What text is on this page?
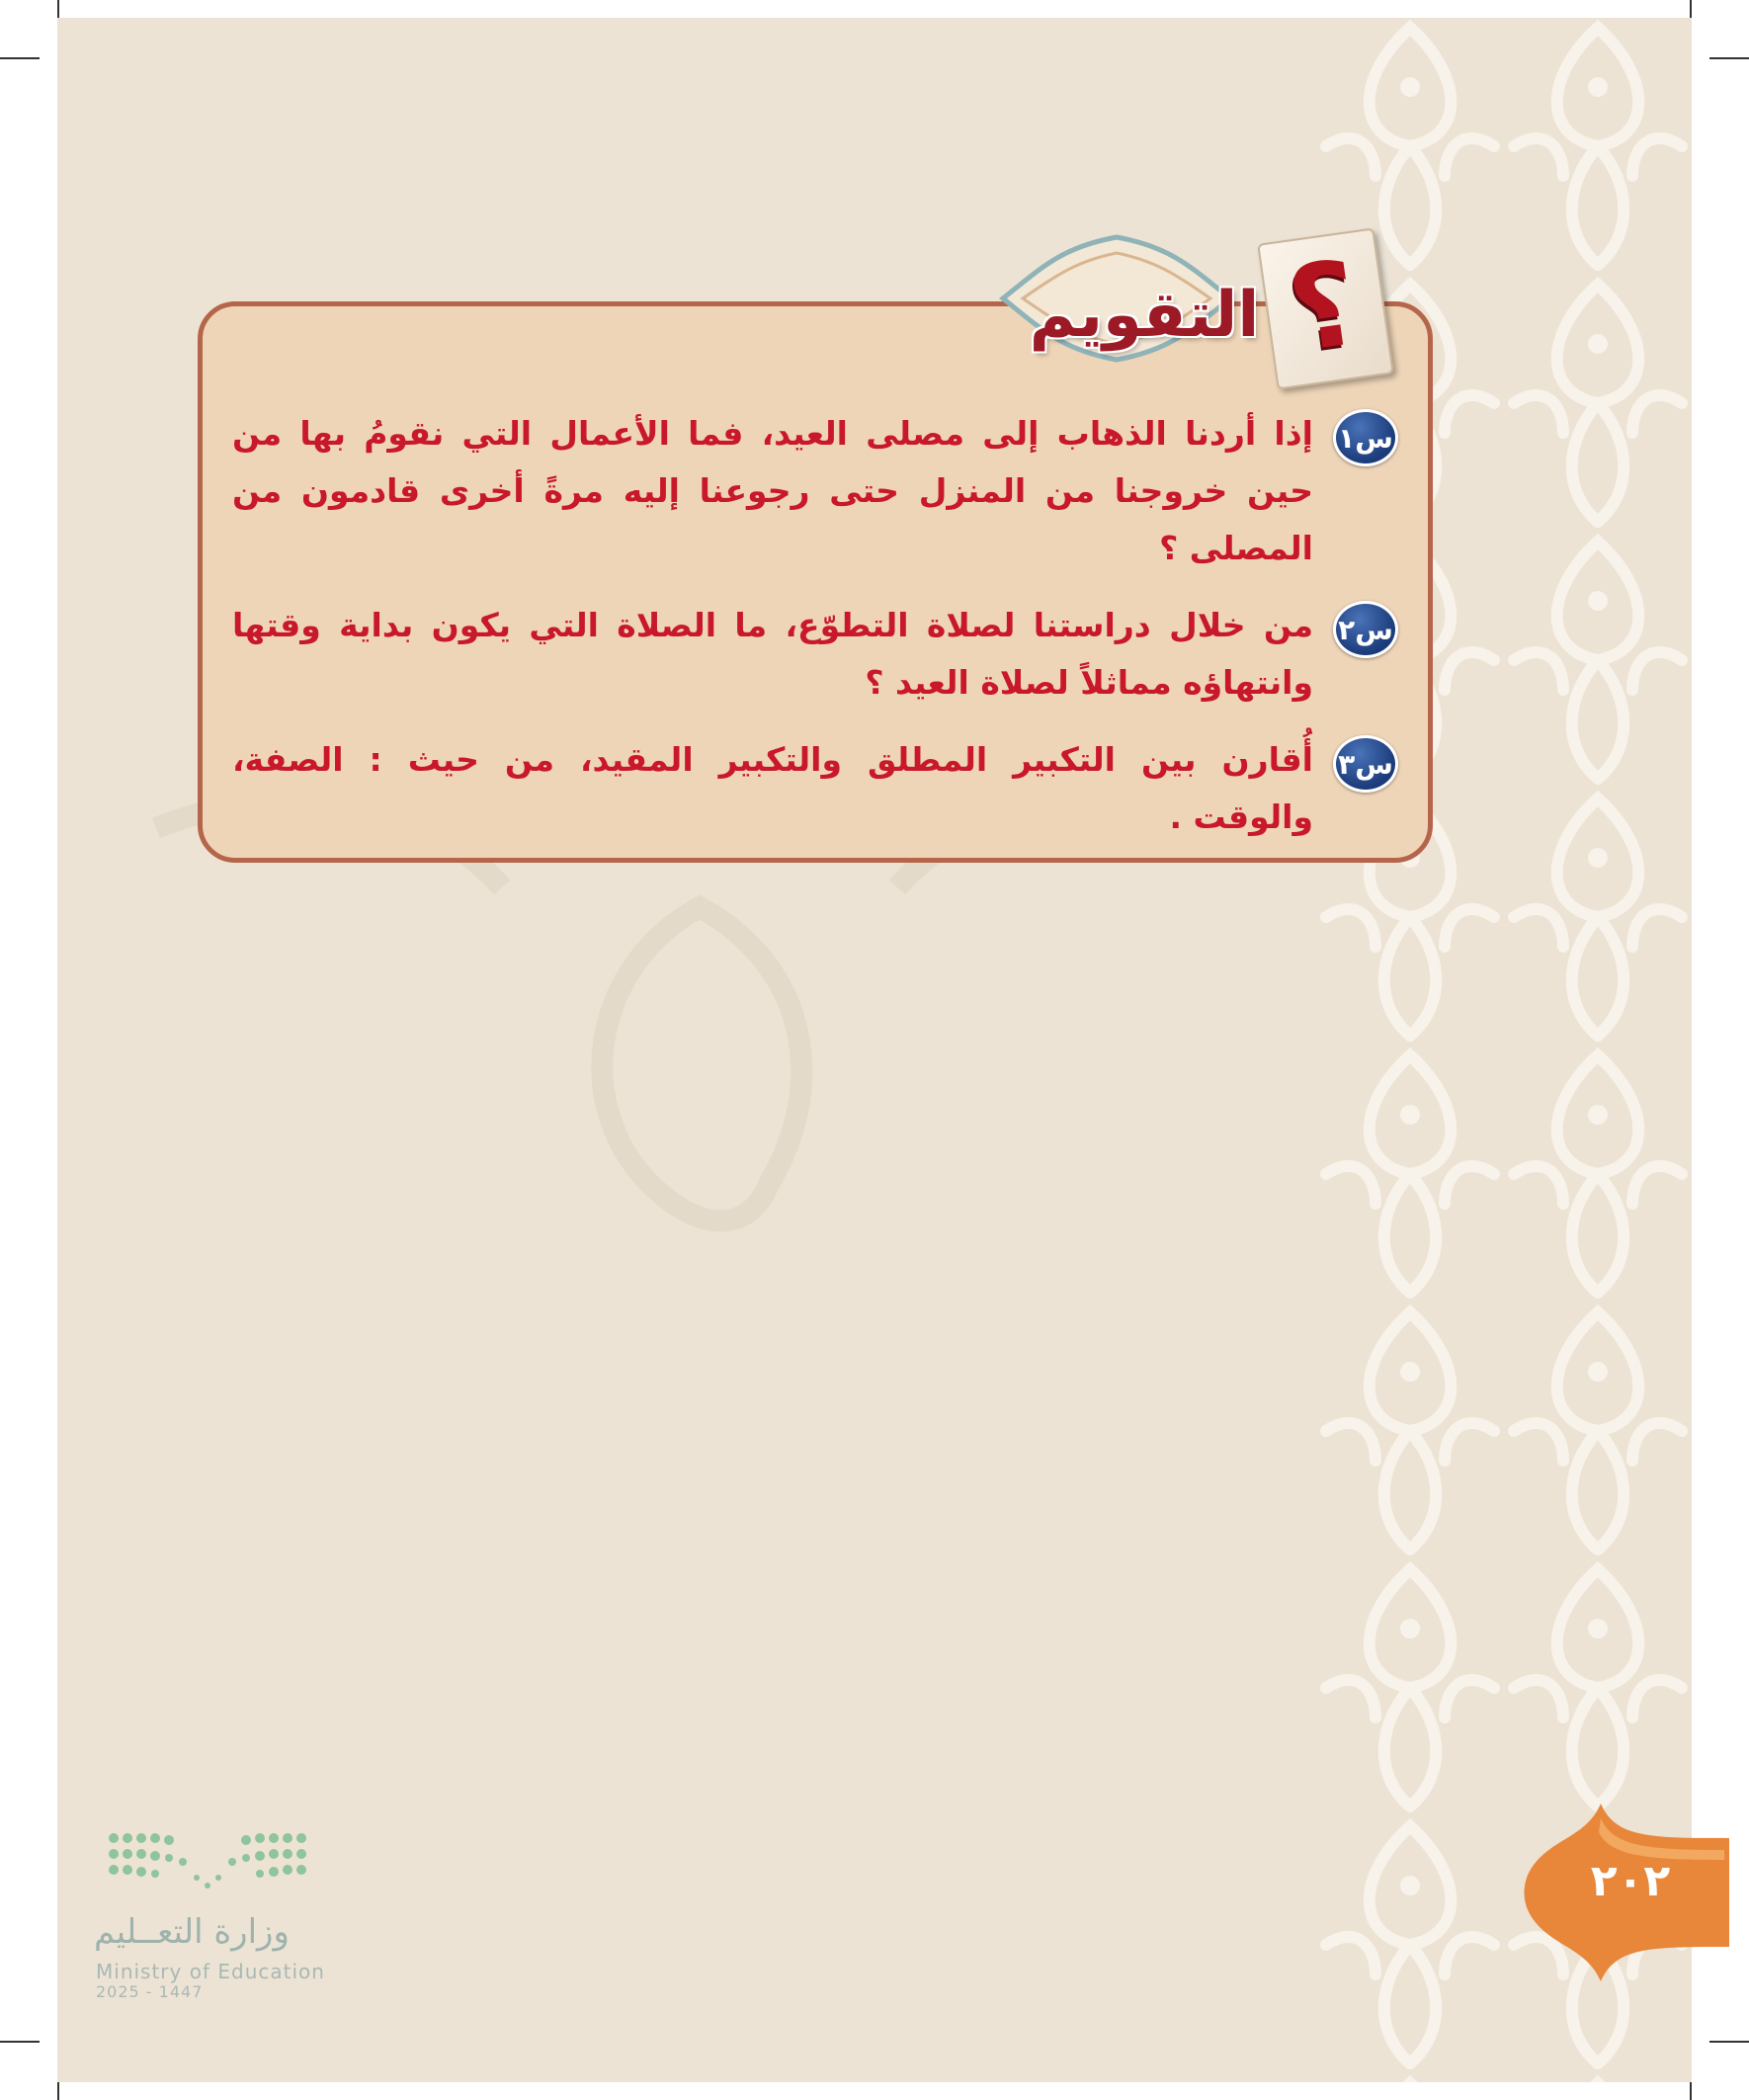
س١
إذا أردنا الذهاب إلى مصلى العيد، فما الأعمال التي نقومُ بها من حين خروجنا من المنزل حتى رجوعنا إليه مرةً أخرى قادمون من المصلى ؟
س٢
من خلال دراستنا لصلاة التطوّع، ما الصلاة التي يكون بداية وقتها وانتهاؤه مماثلاً لصلاة العيد ؟
س٣
أُقارن بين التكبير المطلق والتكبير المقيد، من حيث : الصفة، والوقت .
التقويم ?
٢٠٢
وزارة التعــليم
Ministry of Education
2025 - 1447
